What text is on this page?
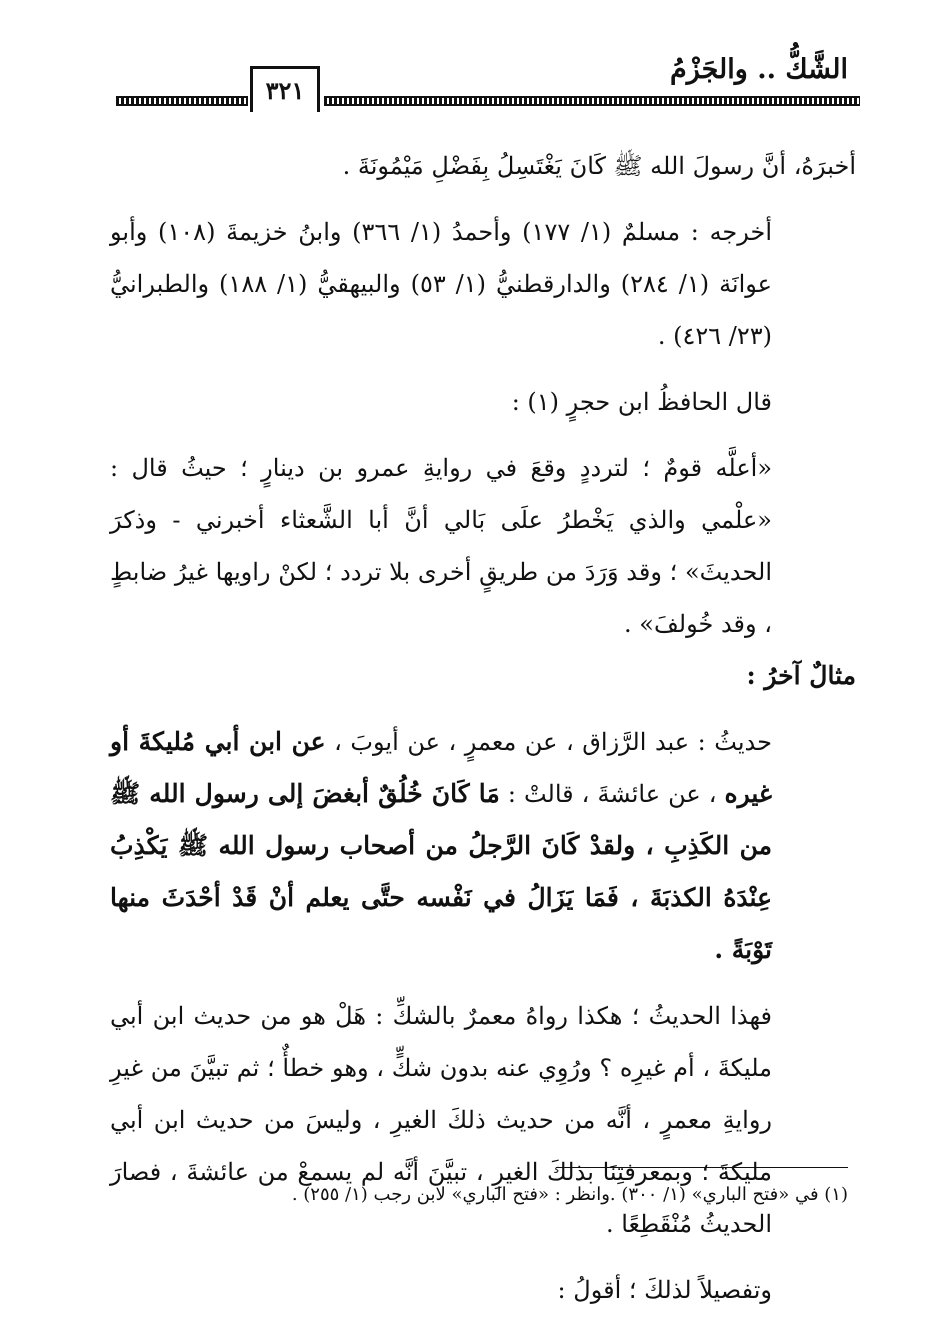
الشَّكُّ .. والجَزْمُ
٣٢١

أخبرَهُ، أنَّ رسولَ الله ﷺ كَانَ يَغْتَسِلُ بِفَضْلِ مَيْمُونَةَ .

أخرجه : مسلمٌ (١/ ١٧٧) وأحمدُ (١/ ٣٦٦) وابنُ خزيمةَ (١٠٨) وأبو عوانَة (١/ ٢٨٤) والدارقطنيُّ (١/ ٥٣) والبيهقيُّ (١/ ١٨٨) والطبرانيُّ (٢٣/ ٤٢٦) .

قال الحافظُ ابن حجرٍ (١) :

«أعلَّه قومٌ ؛ لترددٍ وقعَ في روايةِ عمرو بن دينارٍ ؛ حيثُ قال : «علْمي والذي يَخْطرُ علَى بَالي أنَّ أبا الشَّعثاء أخبرني - وذكرَ الحديثَ» ؛ وقد وَرَدَ من طريقٍ أخرى بلا تردد ؛ لكنْ راويها غيرُ ضابطٍ ، وقد خُولفَ» .

مثالٌ آخرُ :

حديثُ : عبد الرَّزاق ، عن معمرٍ ، عن أيوبَ ، عن ابن أبي مُليكةَ أو غيره ، عن عائشةَ ، قالتْ : مَا كَانَ خُلُقٌ أبغضَ إلى رسول الله ﷺ من الكَذِبِ ، ولقدْ كَانَ الرَّجلُ من أصحاب رسول الله ﷺ يَكْذِبُ عِنْدَهُ الكذبَةَ ، فَمَا يَزَالُ في نَفْسه حتَّى يعلم أنْ قَدْ أحْدَثَ منها تَوْبَةً .

فهذا الحديثُ ؛ هكذا رواهُ معمرٌ بالشكِّ : هَلْ هو من حديث ابن أبي مليكةَ ، أم غيرِه ؟ ورُوِي عنه بدون شكٍّ ، وهو خطأٌ ؛ ثم تبيَّنَ من غيرِ روايةِ معمرٍ ، أنَّه من حديث ذلكَ الغيرِ ، وليسَ من حديث ابن أبي مليكةَ ؛ وبمعرفتِنَا بذلكَ الغيرِ ، تبيَّنَ أنَّه لم يسمعْ من عائشةَ ، فصارَ الحديثُ مُنْقَطِعًا .

وتفصيلاً لذلكَ ؛ أقولُ :

(١) في «فتح الباري» (١/ ٣٠٠) .وانظر : «فتح الباري» لابن رجب (١/ ٢٥٥) .
